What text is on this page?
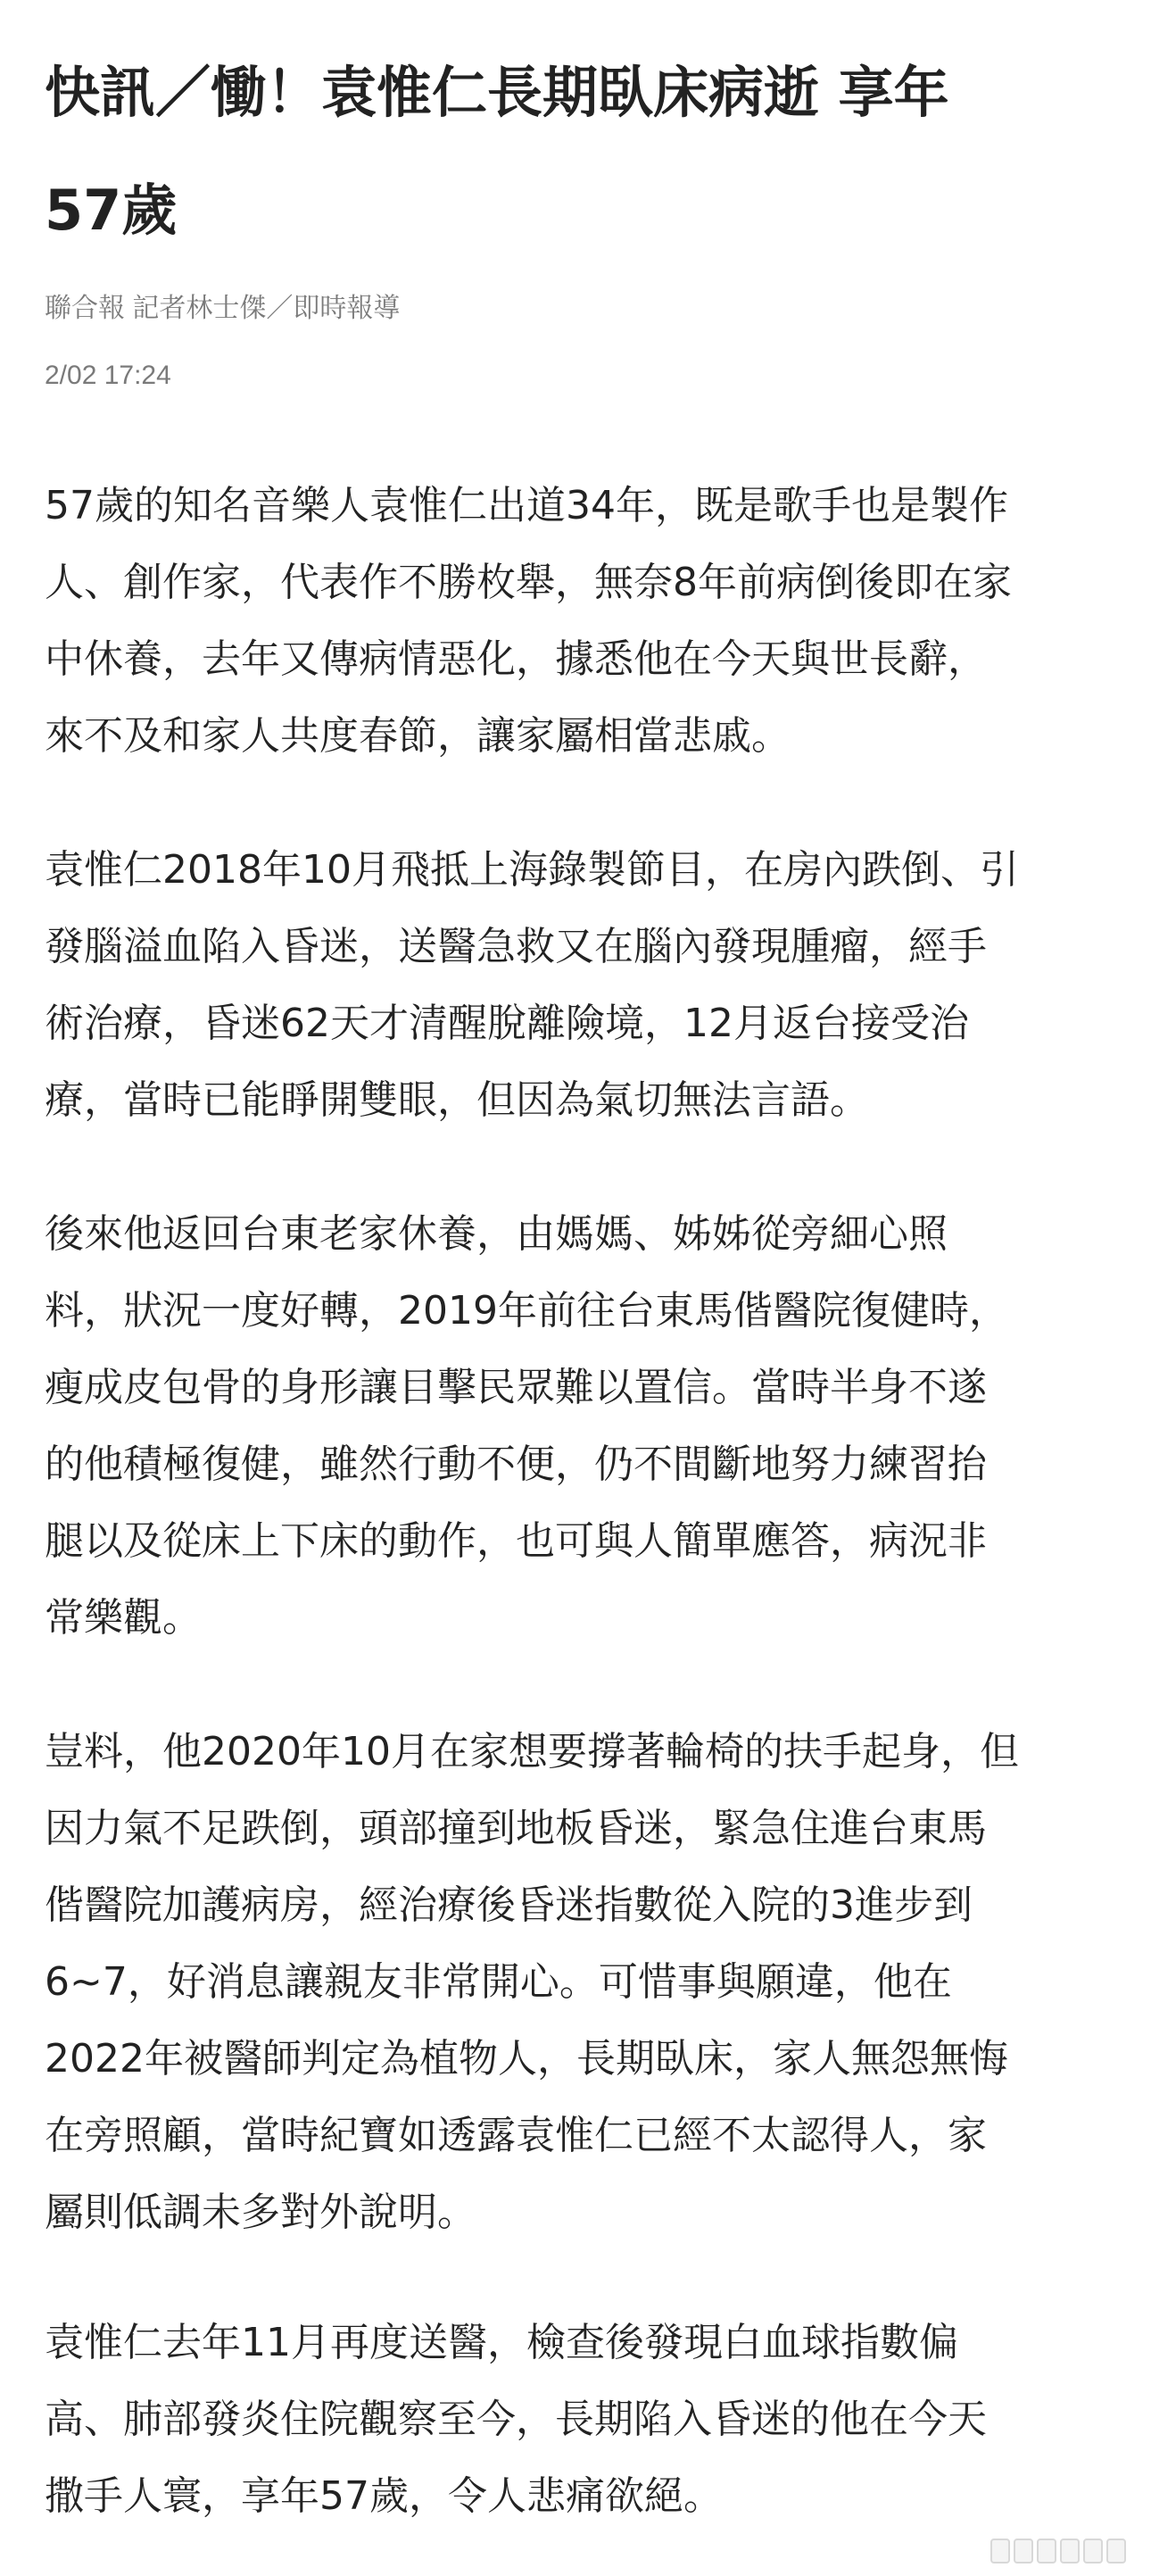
快訊／慟！袁惟仁長期臥床病逝 享年
57歲
聯合報 記者林士傑／即時報導
2/02 17:24

57歲的知名音樂人袁惟仁出道34年，既是歌手也是製作
人、創作家，代表作不勝枚舉，無奈8年前病倒後即在家
中休養，去年又傳病情惡化，據悉他在今天與世長辭，
來不及和家人共度春節，讓家屬相當悲戚。

袁惟仁2018年10月飛抵上海錄製節目，在房內跌倒、引
發腦溢血陷入昏迷，送醫急救又在腦內發現腫瘤，經手
術治療，昏迷62天才清醒脫離險境，12月返台接受治
療，當時已能睜開雙眼，但因為氣切無法言語。

後來他返回台東老家休養，由媽媽、姊姊從旁細心照
料，狀況一度好轉，2019年前往台東馬偕醫院復健時，
瘦成皮包骨的身形讓目擊民眾難以置信。當時半身不遂
的他積極復健，雖然行動不便，仍不間斷地努力練習抬
腿以及從床上下床的動作，也可與人簡單應答，病況非
常樂觀。

豈料，他2020年10月在家想要撐著輪椅的扶手起身，但
因力氣不足跌倒，頭部撞到地板昏迷，緊急住進台東馬
偕醫院加護病房，經治療後昏迷指數從入院的3進步到
6~7，好消息讓親友非常開心。可惜事與願違，他在
2022年被醫師判定為植物人，長期臥床，家人無怨無悔
在旁照顧，當時紀寶如透露袁惟仁已經不太認得人，家
屬則低調未多對外說明。

袁惟仁去年11月再度送醫，檢查後發現白血球指數偏
高、肺部發炎住院觀察至今，長期陷入昏迷的他在今天
撒手人寰，享年57歲，令人悲痛欲絕。
